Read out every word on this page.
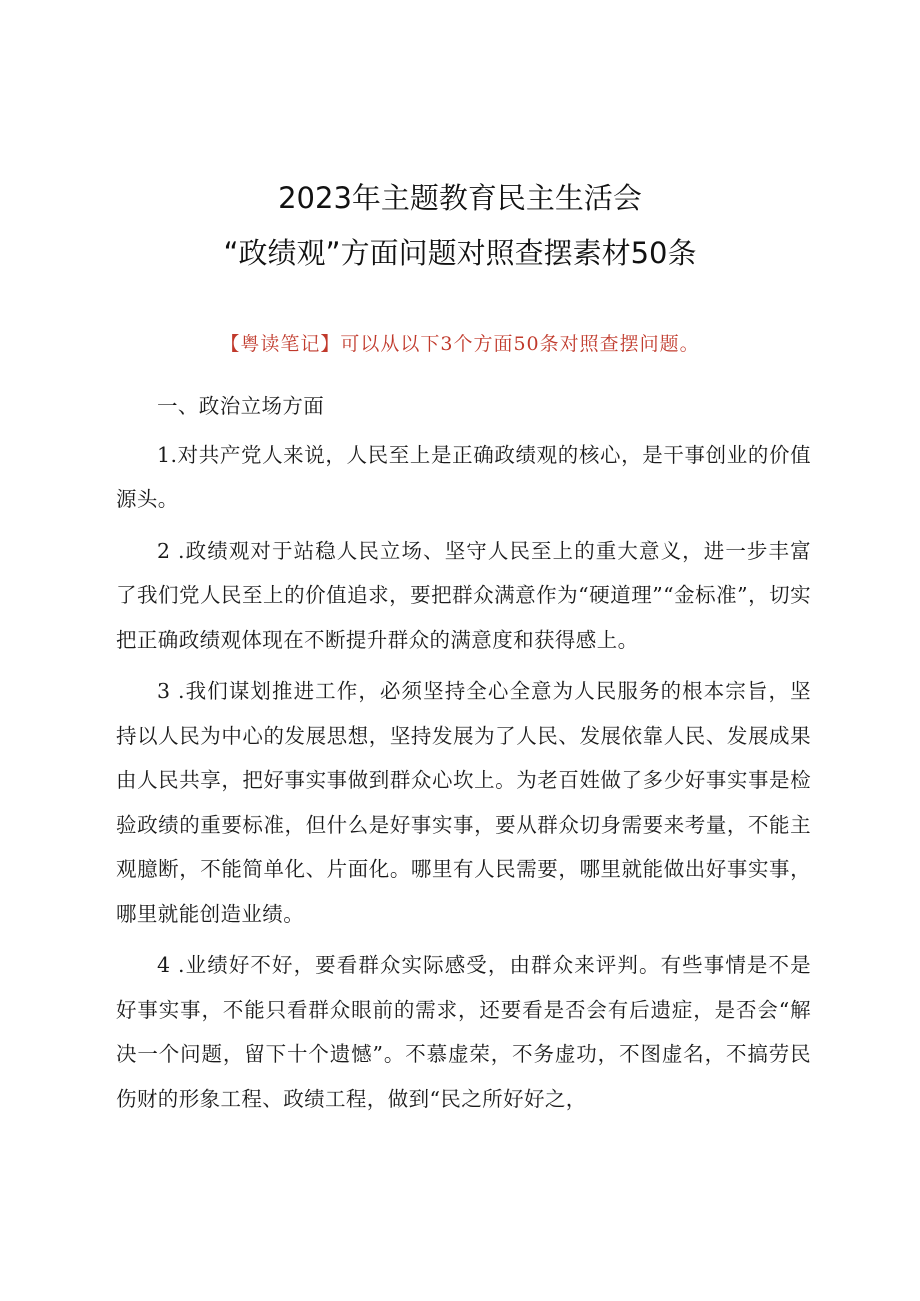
2023年主题教育民主生活会
“政绩观”方面问题对照查摆素材50条
【粤读笔记】可以从以下3个方面50条对照查摆问题。

一、政治立场方面

1.对共产党人来说，人民至上是正确政绩观的核心，是干事创业的价值源头。

2 .政绩观对于站稳人民立场、坚守人民至上的重大意义，进一步丰富了我们党人民至上的价值追求，要把群众满意作为“硬道理”“金标准”，切实把正确政绩观体现在不断提升群众的满意度和获得感上。

3 .我们谋划推进工作，必须坚持全心全意为人民服务的根本宗旨，坚持以人民为中心的发展思想，坚持发展为了人民、发展依靠人民、发展成果由人民共享，把好事实事做到群众心坎上。为老百姓做了多少好事实事是检验政绩的重要标准，但什么是好事实事，要从群众切身需要来考量，不能主观臆断，不能简单化、片面化。哪里有人民需要，哪里就能做出好事实事，哪里就能创造业绩。

4 .业绩好不好，要看群众实际感受，由群众来评判。有些事情是不是好事实事，不能只看群众眼前的需求，还要看是否会有后遗症，是否会“解决一个问题，留下十个遗憾”。不慕虚荣，不务虚功，不图虚名，不搞劳民伤财的形象工程、政绩工程，做到“民之所好好之，
